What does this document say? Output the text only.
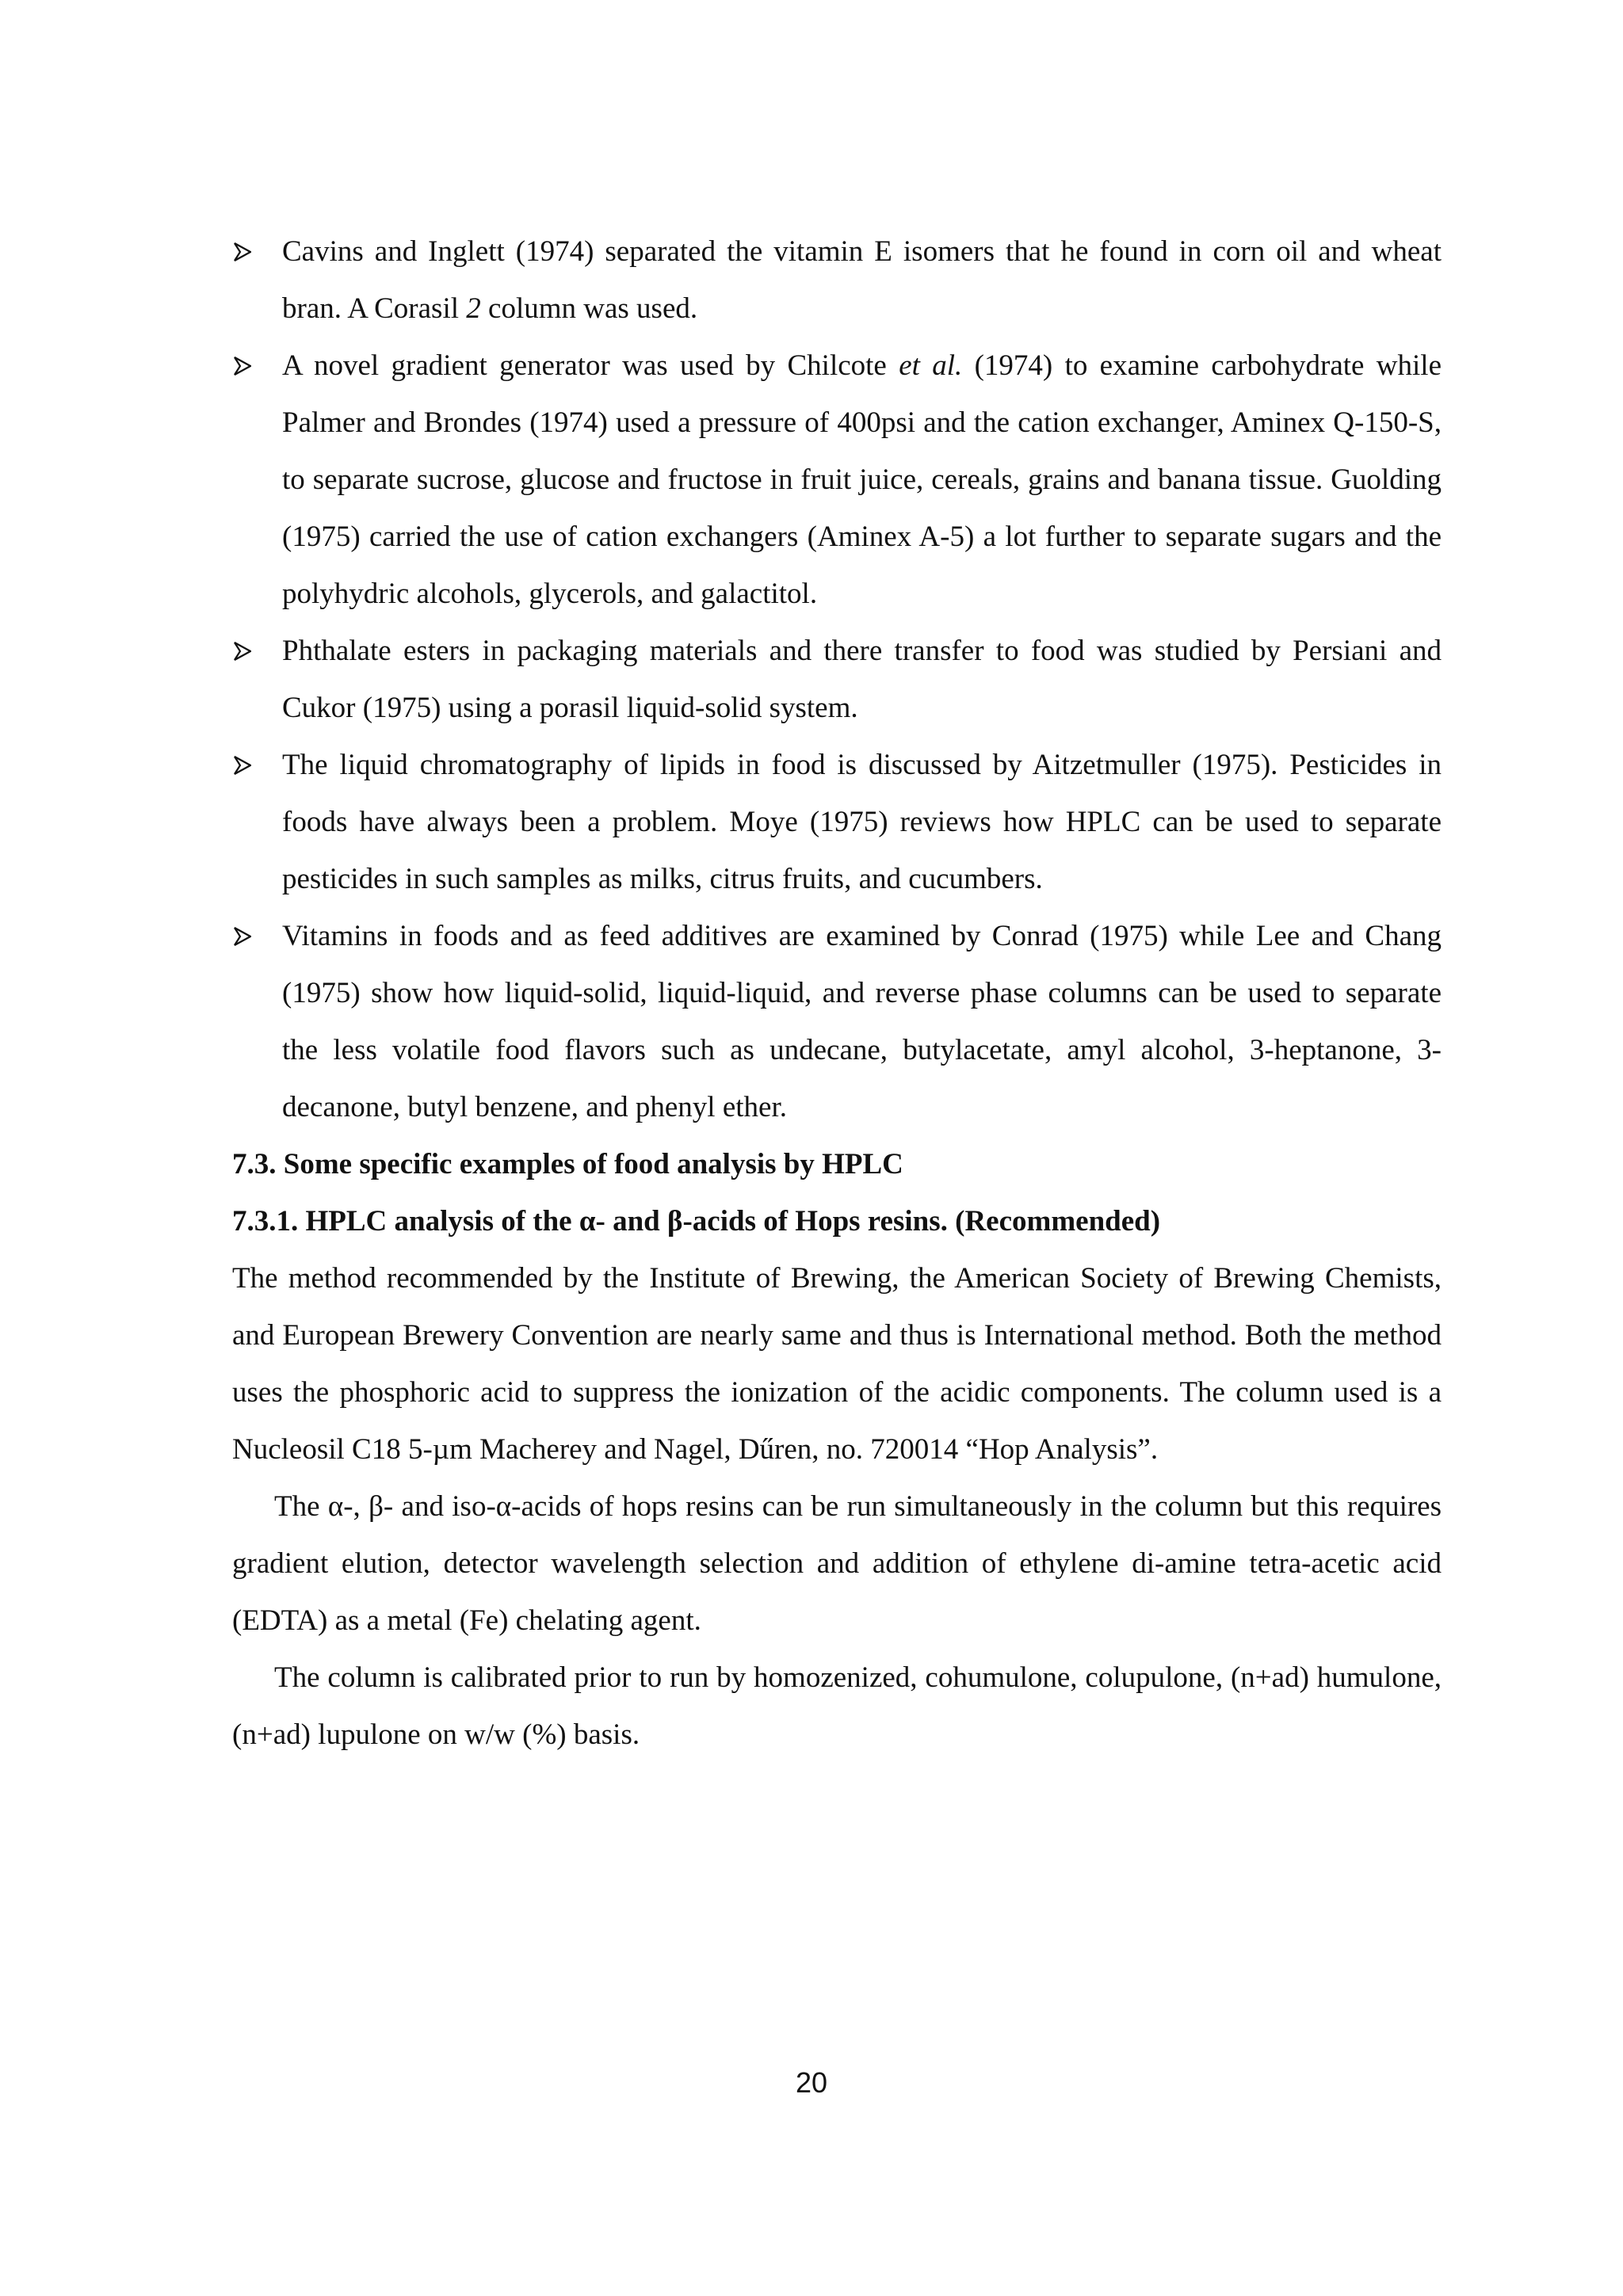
Cavins and Inglett (1974) separated the vitamin E isomers that he found in corn oil and wheat bran. A Corasil 2 column was used.
A novel gradient generator was used by Chilcote et al. (1974) to examine carbohydrate while Palmer and Brondes (1974) used a pressure of 400psi and the cation exchanger, Aminex Q-150-S, to separate sucrose, glucose and fructose in fruit juice, cereals, grains and banana tissue. Guolding (1975) carried the use of cation exchangers (Aminex A-5) a lot further to separate sugars and the polyhydric alcohols, glycerols, and galactitol.
Phthalate esters in packaging materials and there transfer to food was studied by Persiani and Cukor (1975) using a porasil liquid-solid system.
The liquid chromatography of lipids in food is discussed by Aitzetmuller (1975). Pesticides in foods have always been a problem. Moye (1975) reviews how HPLC can be used to separate pesticides in such samples as milks, citrus fruits, and cucumbers.
Vitamins in foods and as feed additives are examined by Conrad (1975) while Lee and Chang (1975) show how liquid-solid, liquid-liquid, and reverse phase columns can be used to separate the less volatile food flavors such as undecane, butylacetate, amyl alcohol, 3-heptanone, 3-decanone, butyl benzene, and phenyl ether.
7.3. Some specific examples of food analysis by HPLC
7.3.1. HPLC analysis of the α- and β-acids of Hops resins. (Recommended)
The method recommended by the Institute of Brewing, the American Society of Brewing Chemists, and European Brewery Convention are nearly same and thus is International method. Both the method uses the phosphoric acid to suppress the ionization of the acidic components. The column used is a Nucleosil C18 5-µm Macherey and Nagel, Dűren, no. 720014 “Hop Analysis”.
The α-, β- and iso-α-acids of hops resins can be run simultaneously in the column but this requires gradient elution, detector wavelength selection and addition of ethylene di-amine tetra-acetic acid (EDTA) as a metal (Fe) chelating agent.
The column is calibrated prior to run by homozenized, cohumulone, colupulone, (n+ad) humulone, (n+ad) lupulone on w/w (%) basis.
20
